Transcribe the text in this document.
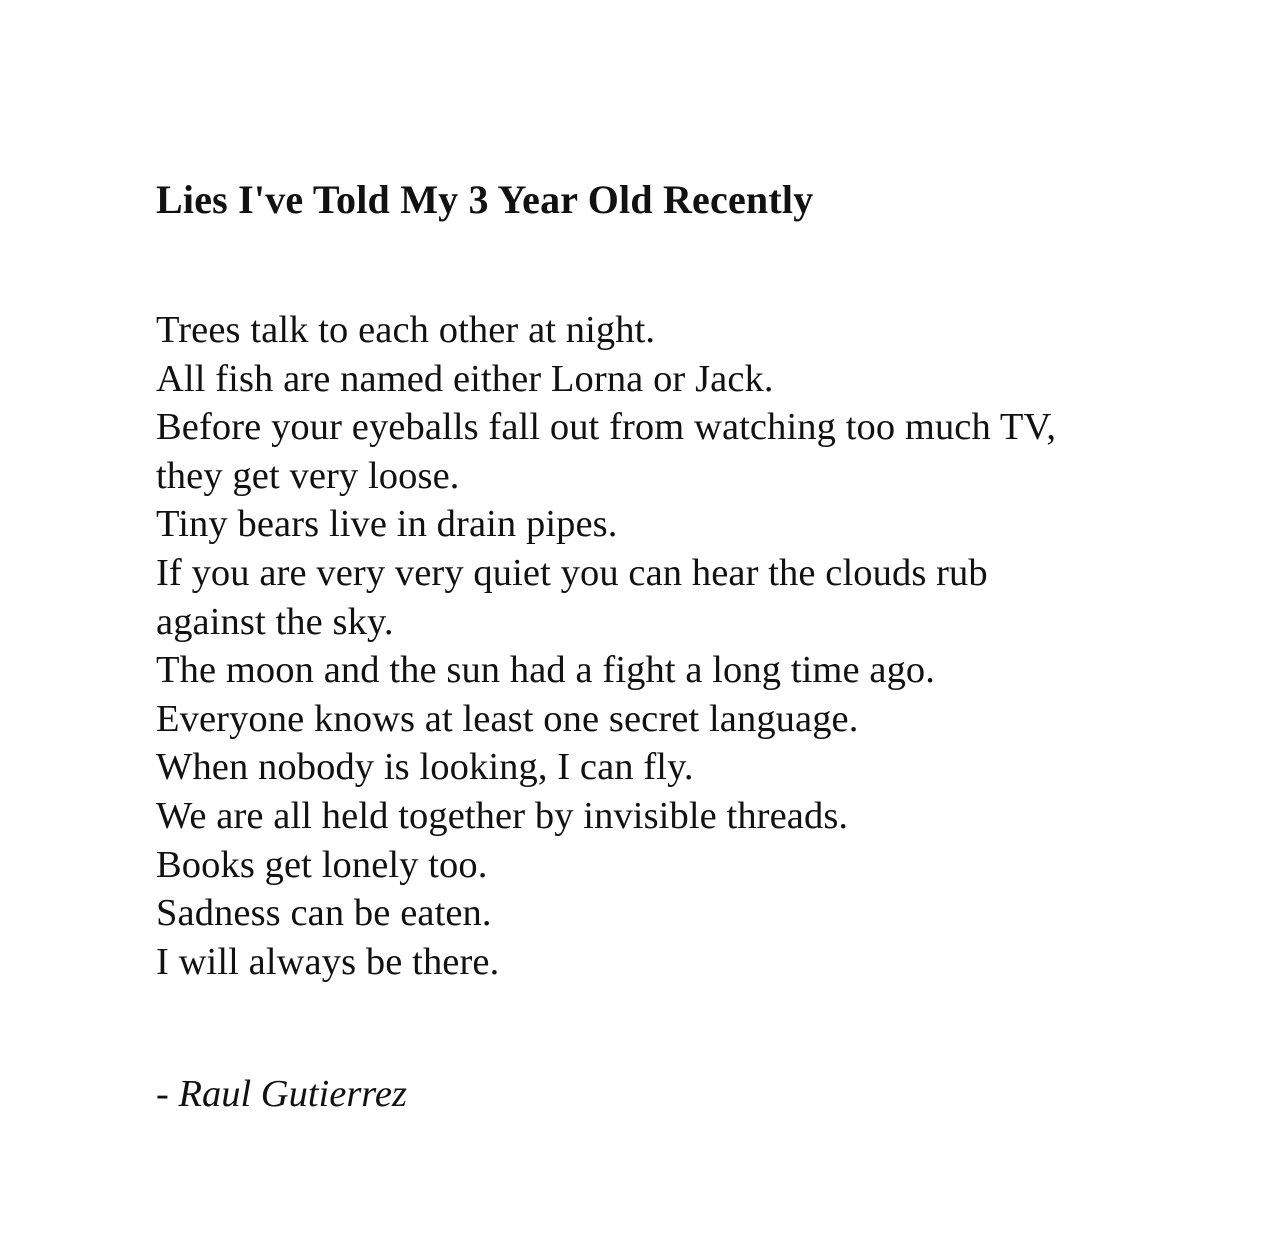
Lies I've Told My 3 Year Old Recently
Trees talk to each other at night.
All fish are named either Lorna or Jack.
Before your eyeballs fall out from watching too much TV,
they get very loose.
Tiny bears live in drain pipes.
If you are very very quiet you can hear the clouds rub
against the sky.
The moon and the sun had a fight a long time ago.
Everyone knows at least one secret language.
When nobody is looking, I can fly.
We are all held together by invisible threads.
Books get lonely too.
Sadness can be eaten.
I will always be there.

- Raul Gutierrez
